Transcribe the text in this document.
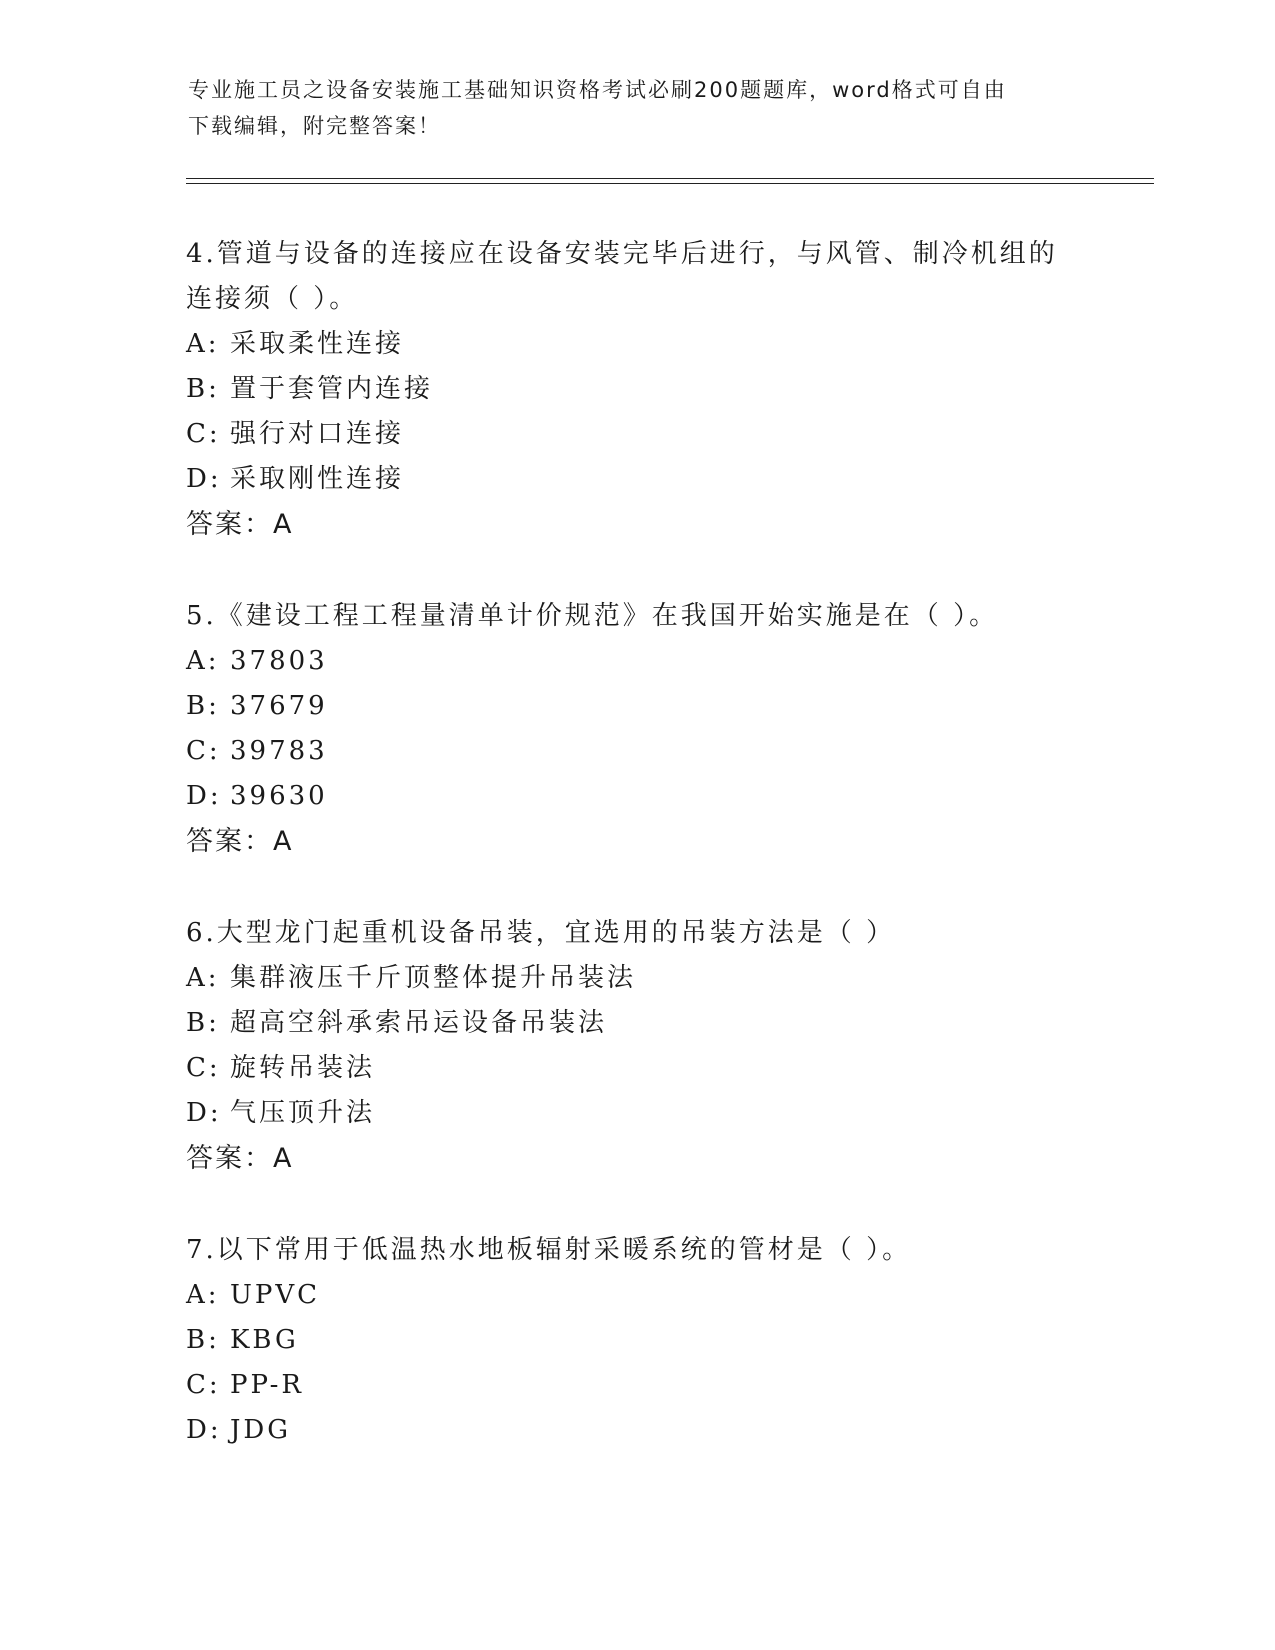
专业施工员之设备安装施工基础知识资格考试必刷200题题库，word格式可自由
下载编辑，附完整答案！
4.管道与设备的连接应在设备安装完毕后进行，与风管、制冷机组的
连接须（ ）。
A: 采取柔性连接
B: 置于套管内连接
C: 强行对口连接
D: 采取刚性连接
答案：A
5.《建设工程工程量清单计价规范》在我国开始实施是在（ ）。
A: 37803
B: 37679
C: 39783
D: 39630
答案：A
6.大型龙门起重机设备吊装，宜选用的吊装方法是（ ）
A: 集群液压千斤顶整体提升吊装法
B: 超高空斜承索吊运设备吊装法
C: 旋转吊装法
D: 气压顶升法
答案：A
7.以下常用于低温热水地板辐射采暖系统的管材是（ ）。
A: UPVC
B: KBG
C: PP-R
D: JDG
